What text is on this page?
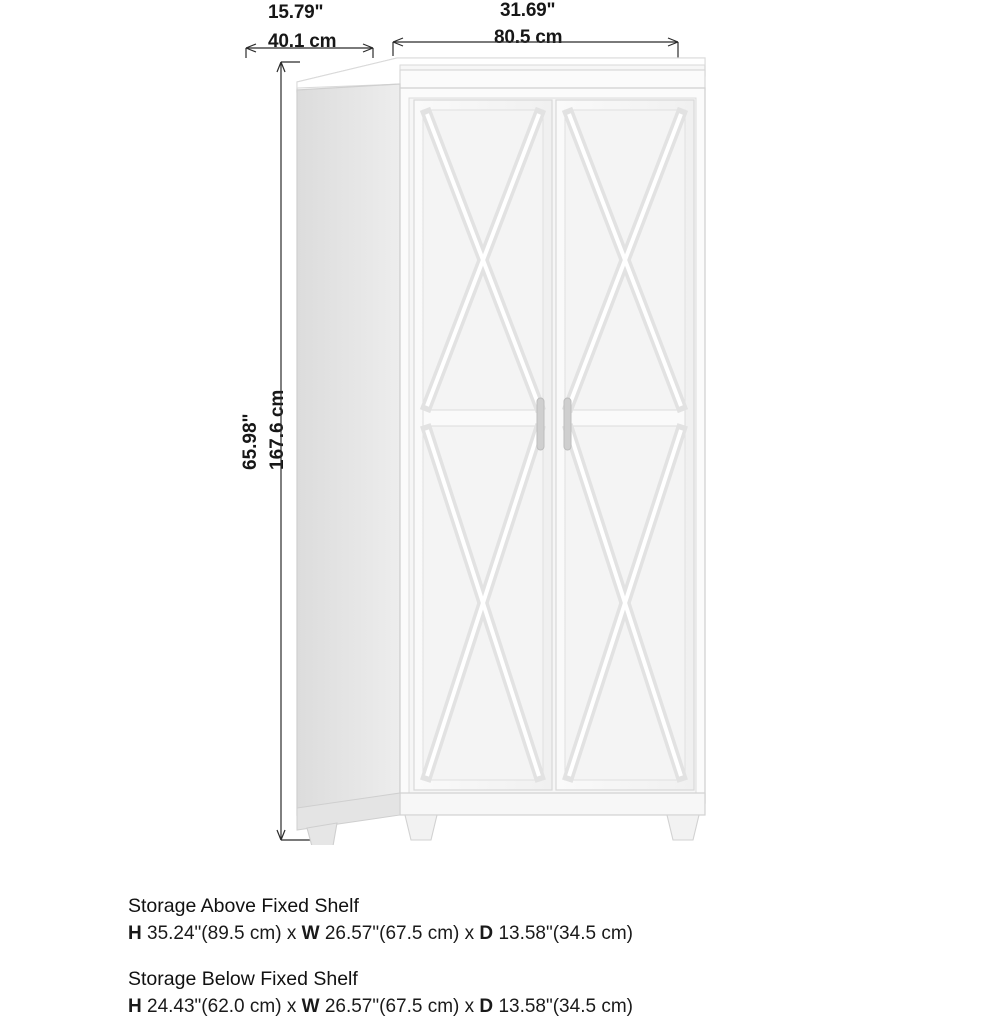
15.79"
40.1 cm
31.69"
80.5 cm
65.98" 167.6 cm
Storage Above Fixed Shelf
H 35.24"(89.5 cm) x W 26.57"(67.5 cm) x D 13.58"(34.5 cm)
Storage Below Fixed Shelf
H 24.43"(62.0 cm) x W 26.57"(67.5 cm) x D 13.58"(34.5 cm)
